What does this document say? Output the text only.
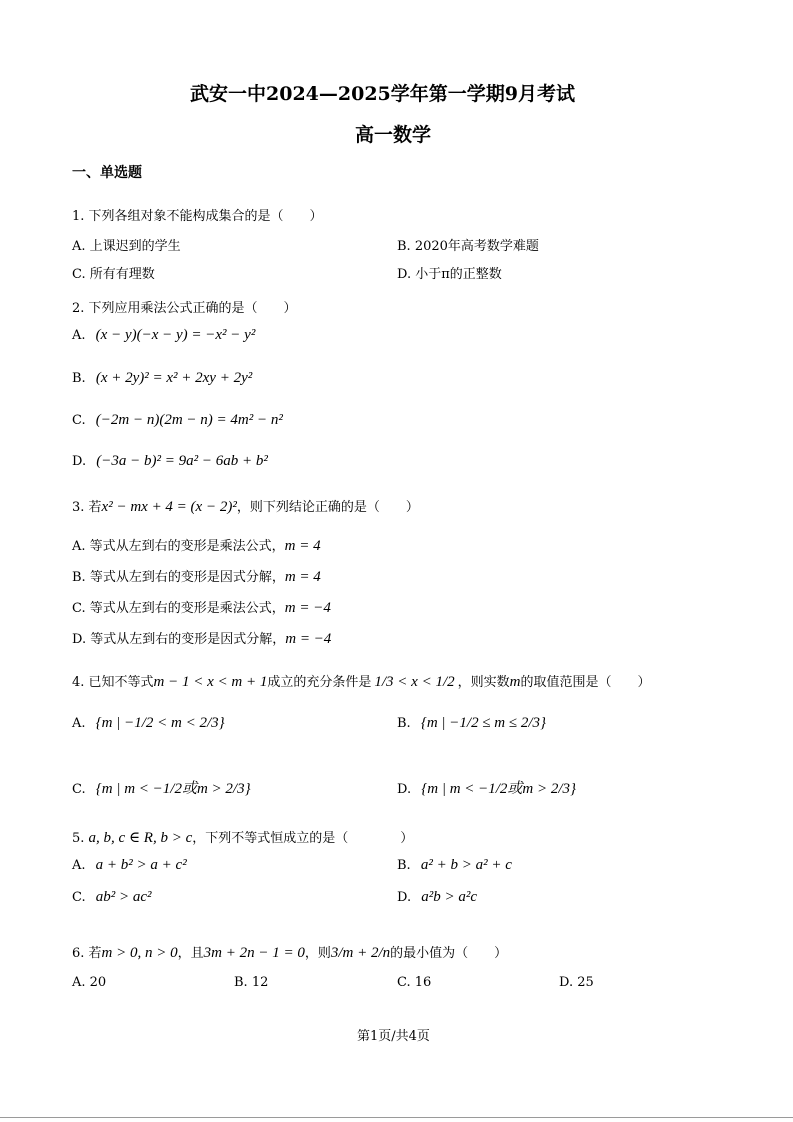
武安一中2024—2025学年第一学期9月考试
高一数学
一、单选题
1. 下列各组对象不能构成集合的是（　　）
A. 上课迟到的学生	B. 2020年高考数学难题
C. 所有有理数	D. 小于π的正整数
2. 下列应用乘法公式正确的是（　　）
A. (x − y)(−x − y) = −x² − y²
B. (x + 2y)² = x² + 2xy + 2y²
C. (−2m − n)(2m − n) = 4m² − n²
D. (−3a − b)² = 9a² − 6ab + b²
3. 若x² − mx + 4 = (x − 2)²，则下列结论正确的是（　　）
A. 等式从左到右的变形是乘法公式，m = 4
B. 等式从左到右的变形是因式分解，m = 4
C. 等式从左到右的变形是乘法公式，m = −4
D. 等式从左到右的变形是因式分解，m = −4
4. 已知不等式m − 1 < x < m + 1成立的充分条件是 1/3 < x < 1/2 ，则实数m的取值范围是（　　）
A. {m | −1/2 < m < 2/3}	B. {m | −1/2 ≤ m ≤ 2/3}
C. {m | m < −1/2或m > 2/3}	D. {m | m < −1/2或m > 2/3}
5. a, b, c ∈ R, b > c，下列不等式恒成立的是（　　　　）
A. a + b² > a + c²	B. a² + b > a² + c
C. ab² > ac²	D. a²b > a²c
6. 若m > 0, n > 0，且3m + 2n − 1 = 0，则3/m + 2/n的最小值为（　　）
A. 20	B. 12	C. 16	D. 25
第1页/共4页
